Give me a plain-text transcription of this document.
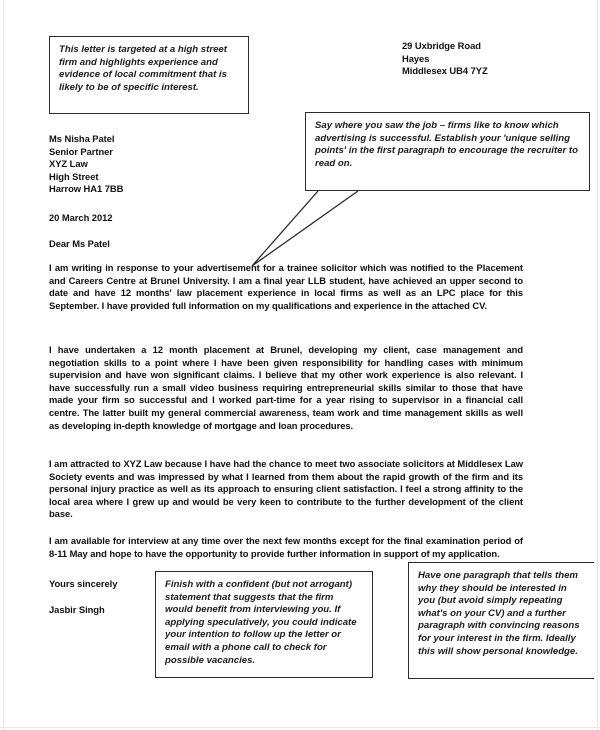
This letter is targeted at a high street firm and highlights experience and evidence of local commitment that is likely to be of specific interest.
29 Uxbridge Road
Hayes
Middlesex UB4 7YZ
Say where you saw the job – firms like to know which advertising is successful. Establish your 'unique selling points' in the first paragraph to encourage the recruiter to read on.
Ms Nisha Patel
Senior Partner
XYZ Law
High Street
Harrow HA1 7BB
20 March 2012
Dear Ms Patel
I am writing in response to your advertisement for a trainee solicitor which was notified to the Placement and Careers Centre at Brunel University. I am a final year LLB student, have achieved an upper second to date and have 12 months' law placement experience in local firms as well as an LPC place for this September. I have provided full information on my qualifications and experience in the attached CV.
I have undertaken a 12 month placement at Brunel, developing my client, case management and negotiation skills to a point where I have been given responsibility for handling cases with minimum supervision and have won significant claims. I believe that my other work experience is also relevant. I have successfully run a small video business requiring entrepreneurial skills similar to those that have made your firm so successful and I worked part-time for a year rising to supervisor in a financial call centre. The latter built my general commercial awareness, team work and time management skills as well as developing in-depth knowledge of mortgage and loan procedures.
I am attracted to XYZ Law because I have had the chance to meet two associate solicitors at Middlesex Law Society events and was impressed by what I learned from them about the rapid growth of the firm and its personal injury practice as well as its approach to ensuring client satisfaction. I feel a strong affinity to the local area where I grew up and would be very keen to contribute to the further development of the client base.
I am available for interview at any time over the next few months except for the final examination period of 8-11 May and hope to have the opportunity to provide further information in support of my application.
Yours sincerely
Jasbir Singh
Finish with a confident (but not arrogant) statement that suggests that the firm would benefit from interviewing you. If applying speculatively, you could indicate your intention to follow up the letter or email with a phone call to check for possible vacancies.
Have one paragraph that tells them why they should be interested in you (but avoid simply repeating what's on your CV) and a further paragraph with convincing reasons for your interest in the firm. Ideally this will show personal knowledge.
